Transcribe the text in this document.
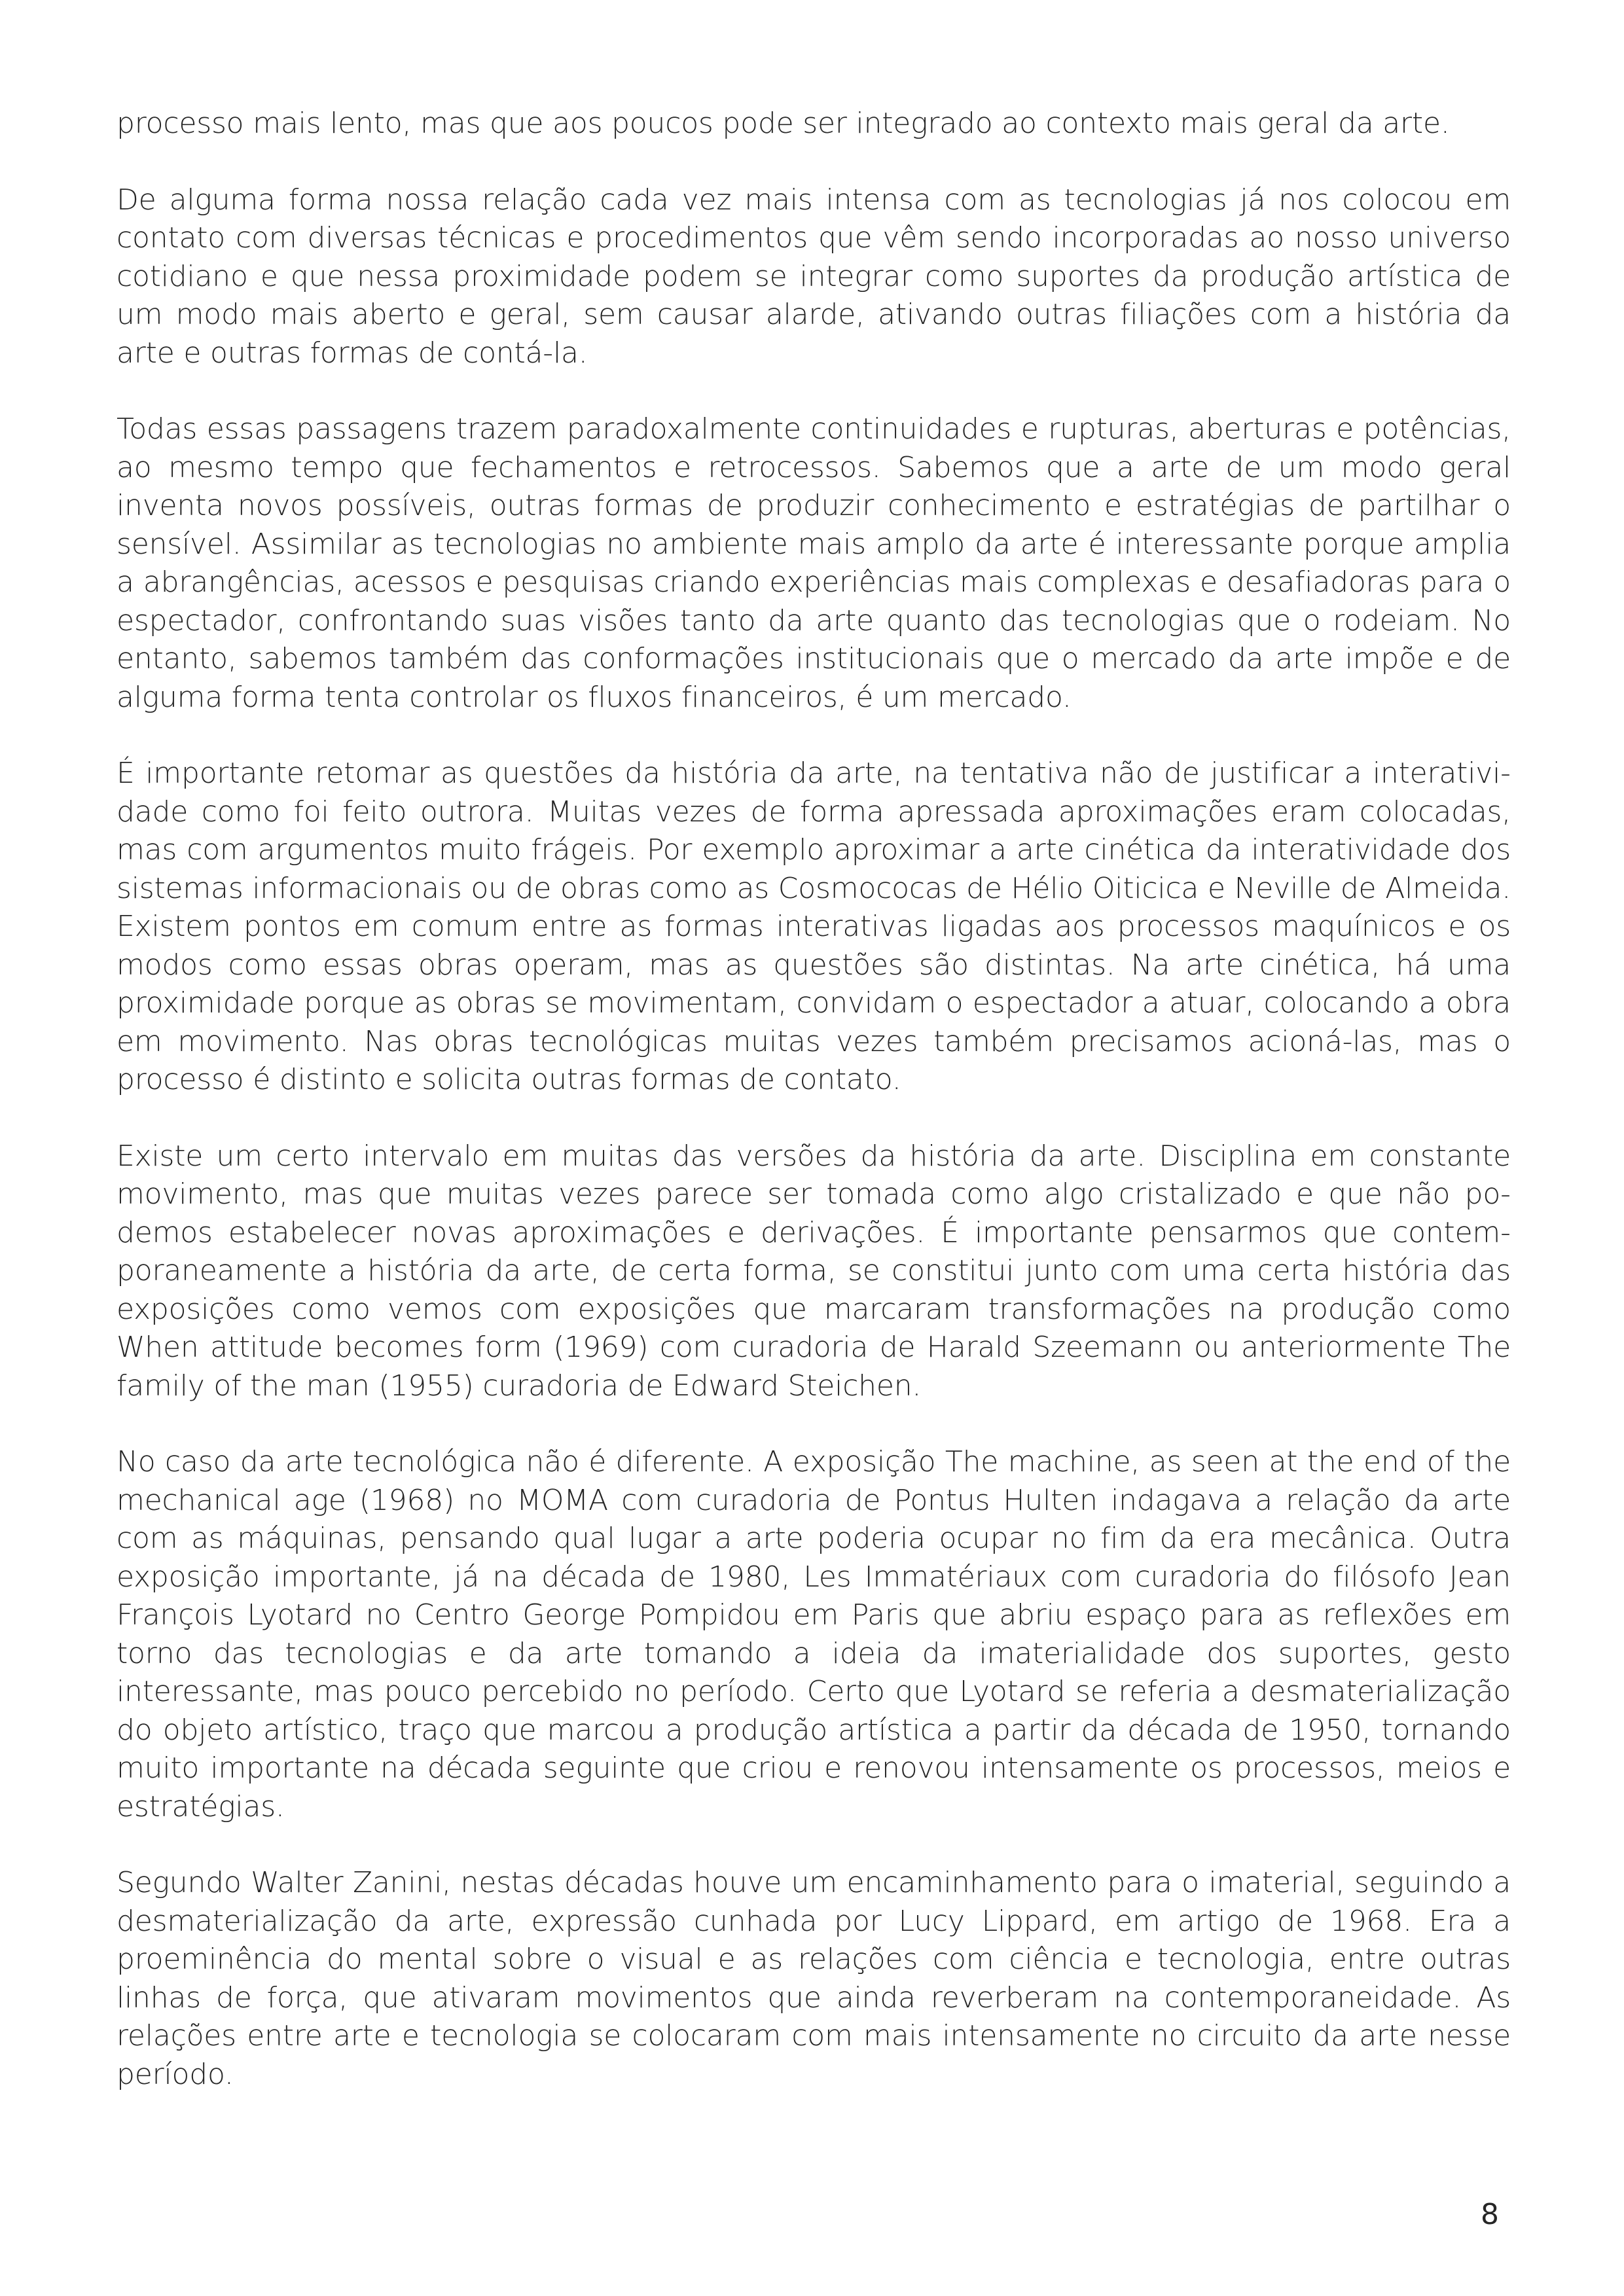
processo mais lento, mas que aos poucos pode ser integrado ao contexto mais geral da arte.

De alguma forma nossa relação cada vez mais intensa com as tecnologias já nos colocou em contato com diversas técnicas e procedimentos que vêm sendo incorporadas ao nosso universo cotidiano e que nessa proximidade podem se integrar como suportes da produção artística de um modo mais aberto e geral, sem causar alarde, ativando outras filiações com a história da arte e outras formas de contá-la.

Todas essas passagens trazem paradoxalmente continuidades e rupturas, aberturas e potências, ao mesmo tempo que fechamentos e retrocessos. Sabemos que a arte de um modo geral inventa novos possíveis, outras formas de produzir conhecimento e estratégias de partilhar o sensível. Assimilar as tecnologias no ambiente mais amplo da arte é interessante porque amplia a abrangências, acessos e pesquisas criando experiências mais complexas e desafiadoras para o espectador, confrontando suas visões tanto da arte quanto das tecnologias que o rodeiam. No entanto, sabemos também das conformações institucionais que o mercado da arte impõe e de alguma forma tenta controlar os fluxos financeiros, é um mercado.

É importante retomar as questões da história da arte, na tentativa não de justificar a interatividade como foi feito outrora. Muitas vezes de forma apressada aproximações eram colocadas, mas com argumentos muito frágeis. Por exemplo aproximar a arte cinética da interatividade dos sistemas informacionais ou de obras como as Cosmococas de Hélio Oiticica e Neville de Almeida. Existem pontos em comum entre as formas interativas ligadas aos processos maquínicos e os modos como essas obras operam, mas as questões são distintas. Na arte cinética, há uma proximidade porque as obras se movimentam, convidam o espectador a atuar, colocando a obra em movimento. Nas obras tecnológicas muitas vezes também precisamos acioná-las, mas o processo é distinto e solicita outras formas de contato.

Existe um certo intervalo em muitas das versões da história da arte. Disciplina em constante movimento, mas que muitas vezes parece ser tomada como algo cristalizado e que não podemos estabelecer novas aproximações e derivações. É importante pensarmos que contemporaneamente a história da arte, de certa forma, se constitui junto com uma certa história das exposições como vemos com exposições que marcaram transformações na produção como When attitude becomes form (1969) com curadoria de Harald Szeemann ou anteriormente The family of the man (1955) curadoria de Edward Steichen.

No caso da arte tecnológica não é diferente. A exposição The machine, as seen at the end of the mechanical age (1968) no MOMA com curadoria de Pontus Hulten indagava a relação da arte com as máquinas, pensando qual lugar a arte poderia ocupar no fim da era mecânica. Outra exposição importante, já na década de 1980, Les Immatériaux com curadoria do filósofo Jean François Lyotard no Centro George Pompidou em Paris que abriu espaço para as reflexões em torno das tecnologias e da arte tomando a ideia da imaterialidade dos suportes, gesto interessante, mas pouco percebido no período. Certo que Lyotard se referia a desmaterialização do objeto artístico, traço que marcou a produção artística a partir da década de 1950, tornando muito importante na década seguinte que criou e renovou intensamente os processos, meios e estratégias.

Segundo Walter Zanini, nestas décadas houve um encaminhamento para o imaterial, seguindo a desmaterialização da arte, expressão cunhada por Lucy Lippard, em artigo de 1968. Era a proeminência do mental sobre o visual e as relações com ciência e tecnologia, entre outras linhas de força, que ativaram movimentos que ainda reverberam na contemporaneidade. As relações entre arte e tecnologia se colocaram com mais intensamente no circuito da arte nesse período.

8
